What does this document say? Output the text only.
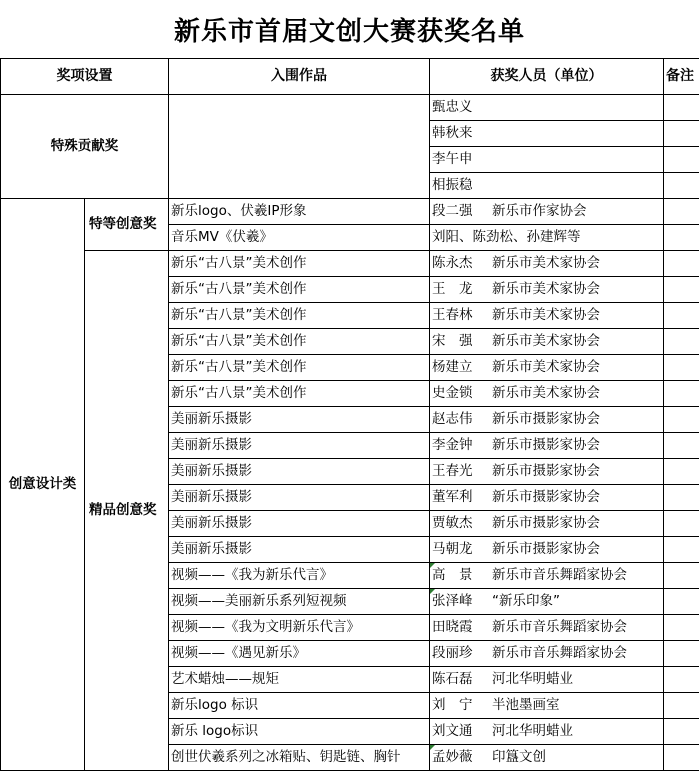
新乐市首届文创大赛获奖名单
奖项设置		入围作品	获奖人员（单位）	备注
特殊贡献奖			甄忠义	
			韩秋来	
			李午申	
			相振稳	
创意设计类	特等创意奖	新乐logo、伏羲IP形象	段二强 新乐市作家协会	
		音乐MV《伏羲》	刘阳、陈劲松、孙建辉等	
	精品创意奖	新乐“古八景”美术创作	陈永杰 新乐市美术家协会	
		新乐“古八景”美术创作	王　龙 新乐市美术家协会	
		新乐“古八景”美术创作	王春林 新乐市美术家协会	
		新乐“古八景”美术创作	宋　强 新乐市美术家协会	
		新乐“古八景”美术创作	杨建立 新乐市美术家协会	
		新乐“古八景”美术创作	史金锁 新乐市美术家协会	
		美丽新乐摄影	赵志伟 新乐市摄影家协会	
		美丽新乐摄影	李金钟 新乐市摄影家协会	
		美丽新乐摄影	王春光 新乐市摄影家协会	
		美丽新乐摄影	董军利 新乐市摄影家协会	
		美丽新乐摄影	贾敏杰 新乐市摄影家协会	
		美丽新乐摄影	马朝龙 新乐市摄影家协会	
		视频——《我为新乐代言》	高　景 新乐市音乐舞蹈家协会	
		视频——美丽新乐系列短视频	张泽峰 “新乐印象”	
		视频——《我为文明新乐代言》	田晓霞 新乐市音乐舞蹈家协会	
		视频——《遇见新乐》	段丽珍 新乐市音乐舞蹈家协会	
		艺术蜡烛——规矩	陈石磊 河北华明蜡业	
		新乐logo 标识	刘　宁 半池墨画室	
		新乐 logo标识	刘文通 河北华明蜡业	
		创世伏羲系列之冰箱贴、钥匙链、胸针	孟妙薇 印簋文创	
